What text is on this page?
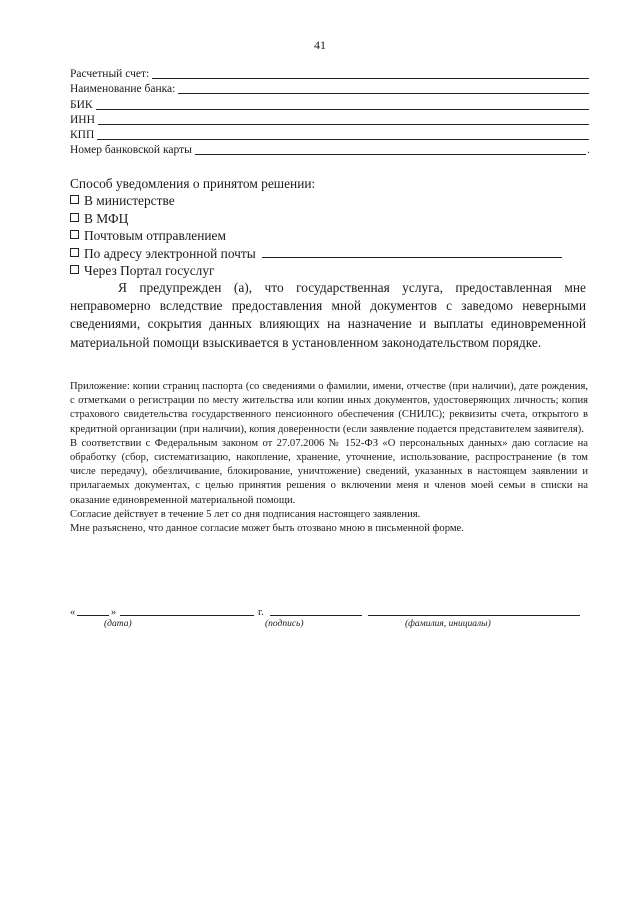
41
Расчетный счет:
Наименование банка:
БИК
ИНН
КПП
Номер банковской карты	.

Способ уведомления о принятом решении:

В министерстве
В МФЦ
Почтовым отправлением
По адресу электронной почты
Через Портал госуслуг

Я предупрежден (а), что государственная услуга, предоставленная мне неправомерно вследствие предоставления мной документов с заведомо неверными сведениями, сокрытия данных влияющих на назначение и выплаты единовременной материальной помощи взыскивается в установленном законодательством порядке.

Приложение: копии страниц паспорта (со сведениями о фамилии, имени, отчестве (при наличии), дате рождения, с отметками о регистрации по месту жительства или копии иных документов, удостоверяющих личность; копия страхового свидетельства государственного пенсионного обеспечения (СНИЛС); реквизиты счета, открытого в кредитной организации (при наличии), копия доверенности (если заявление подается представителем заявителя).

В соответствии с Федеральным законом от 27.07.2006 № 152-ФЗ «О персональных данных» даю согласие на обработку (сбор, систематизацию, накопление, хранение, уточнение, использование, распространение (в том числе передачу), обезличивание, блокирование, уничтожение) сведений, указанных в настоящем заявлении и прилагаемых документах, с целью принятия решения о включении меня и членов моей семьи в списки на оказание единовременной материальной помощи.

Согласие действует в течение 5 лет со дня подписания настоящего заявления.

Мне разъяснено, что данное согласие может быть отозвано мною в письменной форме.

«	»	г.
(дата)	(подпись)	(фамилия, инициалы)
